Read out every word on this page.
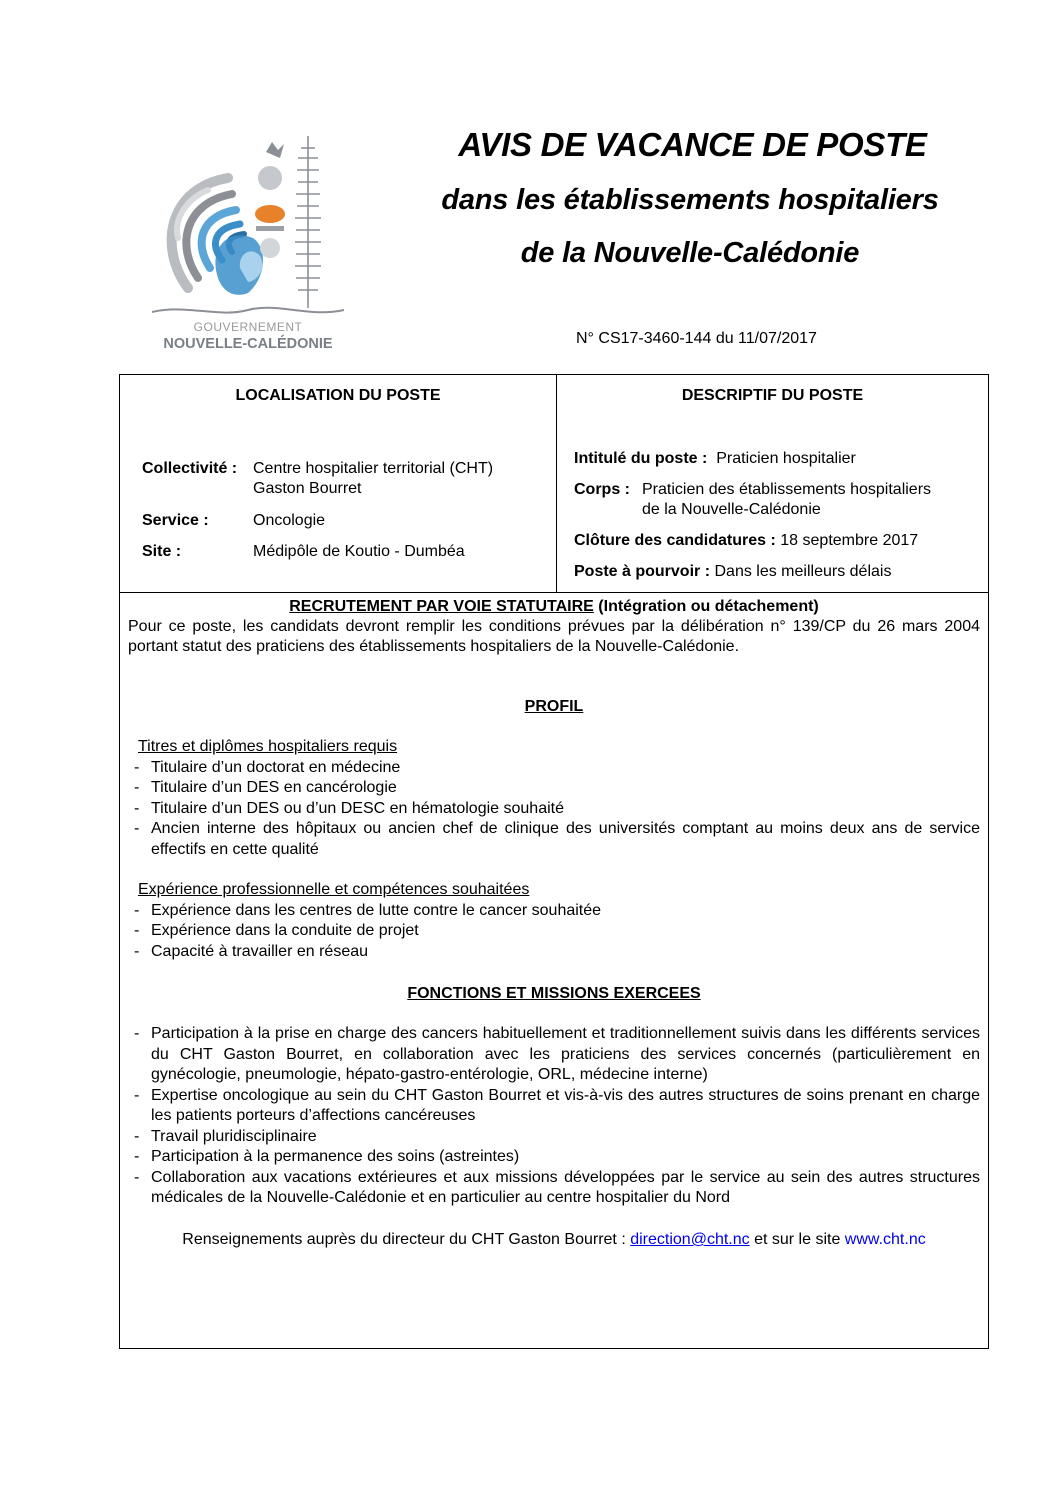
GOUVERNEMENT
NOUVELLE-CALÉDONIE
AVIS DE VACANCE DE POSTE
dans les établissements hospitaliers
de la Nouvelle-Calédonie
N° CS17-3460-144 du 11/07/2017
LOCALISATION DU POSTE
Collectivité : Centre hospitalier territorial (CHT)
Gaston Bourret
Service :	Oncologie
Site :	Médipôle de Koutio - Dumbéa
DESCRIPTIF DU POSTE
Intitulé du poste : Praticien hospitalier
Corps : Praticien des établissements hospitaliers
de la Nouvelle-Calédonie
Clôture des candidatures : 18 septembre 2017
Poste à pourvoir : Dans les meilleurs délais
RECRUTEMENT PAR VOIE STATUTAIRE (Intégration ou détachement)
Pour ce poste, les candidats devront remplir les conditions prévues par la délibération n° 139/CP du 26 mars 2004 portant statut des praticiens des établissements hospitaliers de la Nouvelle-Calédonie.
PROFIL
Titres et diplômes hospitaliers requis
- Titulaire d’un doctorat en médecine
- Titulaire d’un DES en cancérologie
- Titulaire d’un DES ou d’un DESC en hématologie souhaité
- Ancien interne des hôpitaux ou ancien chef de clinique des universités comptant au moins deux ans de service effectifs en cette qualité
Expérience professionnelle et compétences souhaitées
- Expérience dans les centres de lutte contre le cancer souhaitée
- Expérience dans la conduite de projet
- Capacité à travailler en réseau
FONCTIONS ET MISSIONS EXERCEES
- Participation à la prise en charge des cancers habituellement et traditionnellement suivis dans les différents services du CHT Gaston Bourret, en collaboration avec les praticiens des services concernés (particulièrement en gynécologie, pneumologie, hépato-gastro-entérologie, ORL, médecine interne)
- Expertise oncologique au sein du CHT Gaston Bourret et vis-à-vis des autres structures de soins prenant en charge les patients porteurs d’affections cancéreuses
- Travail pluridisciplinaire
- Participation à la permanence des soins (astreintes)
- Collaboration aux vacations extérieures et aux missions développées par le service au sein des autres structures médicales de la Nouvelle-Calédonie et en particulier au centre hospitalier du Nord
Renseignements auprès du directeur du CHT Gaston Bourret : direction@cht.nc et sur le site www.cht.nc
